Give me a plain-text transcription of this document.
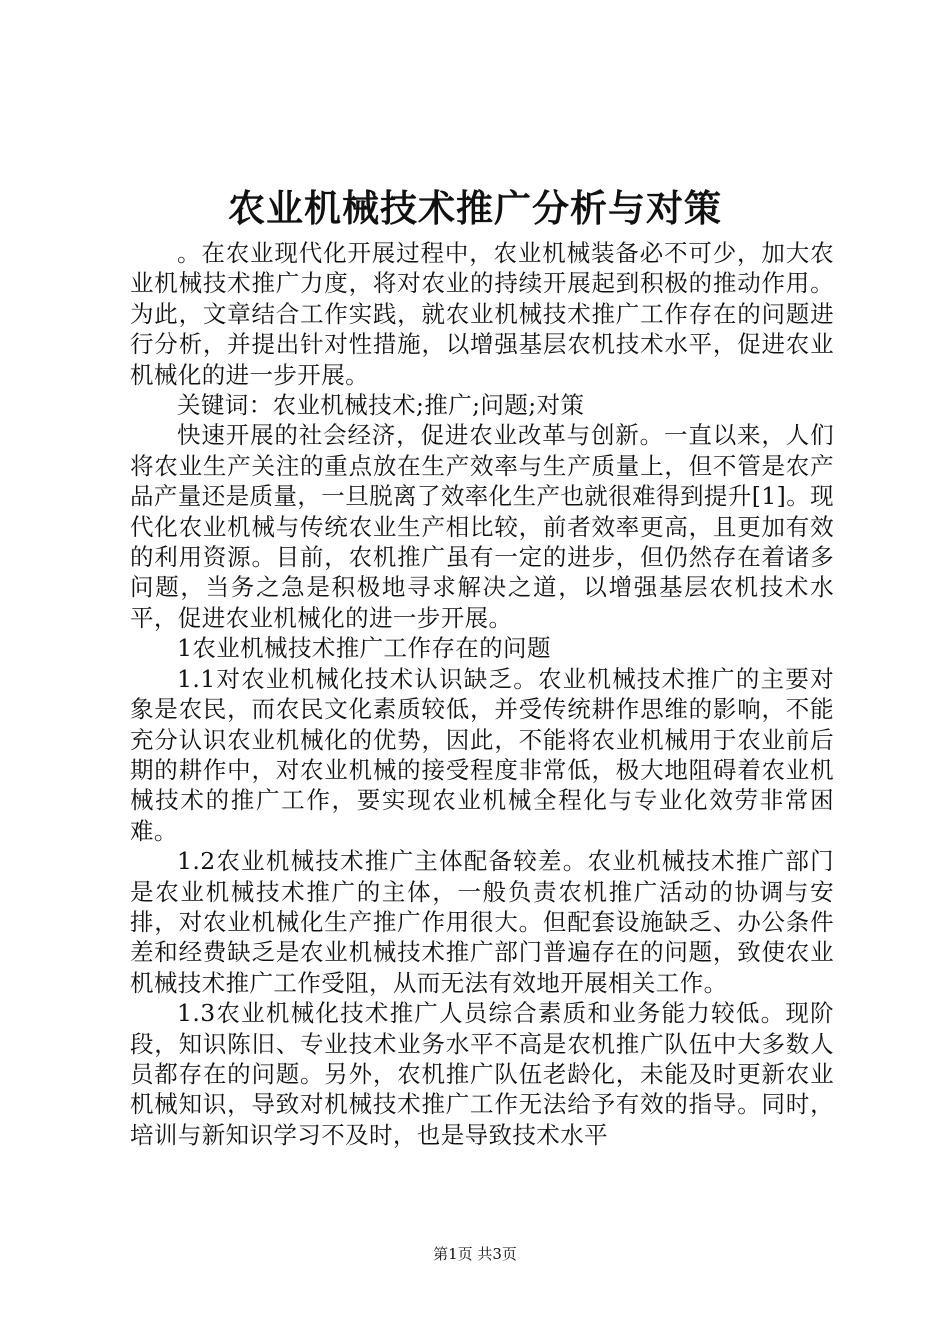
农业机械技术推广分析与对策

。在农业现代化开展过程中，农业机械装备必不可少，加大农业机械技术推广力度，将对农业的持续开展起到积极的推动作用。为此，文章结合工作实践，就农业机械技术推广工作存在的问题进行分析，并提出针对性措施，以增强基层农机技术水平，促进农业机械化的进一步开展。

关键词：农业机械技术;推广;问题;对策

快速开展的社会经济，促进农业改革与创新。一直以来，人们将农业生产关注的重点放在生产效率与生产质量上，但不管是农产品产量还是质量，一旦脱离了效率化生产也就很难得到提升[1]。现代化农业机械与传统农业生产相比较，前者效率更高，且更加有效的利用资源。目前，农机推广虽有一定的进步，但仍然存在着诸多问题，当务之急是积极地寻求解决之道，以增强基层农机技术水平，促进农业机械化的进一步开展。

1农业机械技术推广工作存在的问题

1.1对农业机械化技术认识缺乏。农业机械技术推广的主要对象是农民，而农民文化素质较低，并受传统耕作思维的影响，不能充分认识农业机械化的优势，因此，不能将农业机械用于农业前后期的耕作中，对农业机械的接受程度非常低，极大地阻碍着农业机械技术的推广工作，要实现农业机械全程化与专业化效劳非常困难。

1.2农业机械技术推广主体配备较差。农业机械技术推广部门是农业机械技术推广的主体，一般负责农机推广活动的协调与安排，对农业机械化生产推广作用很大。但配套设施缺乏、办公条件差和经费缺乏是农业机械技术推广部门普遍存在的问题，致使农业机械技术推广工作受阻，从而无法有效地开展相关工作。

1.3农业机械化技术推广人员综合素质和业务能力较低。现阶段，知识陈旧、专业技术业务水平不高是农机推广队伍中大多数人员都存在的问题。另外，农机推广队伍老龄化，未能及时更新农业机械知识，导致对机械技术推广工作无法给予有效的指导。同时，培训与新知识学习不及时，也是导致技术水平

第1页 共3页
